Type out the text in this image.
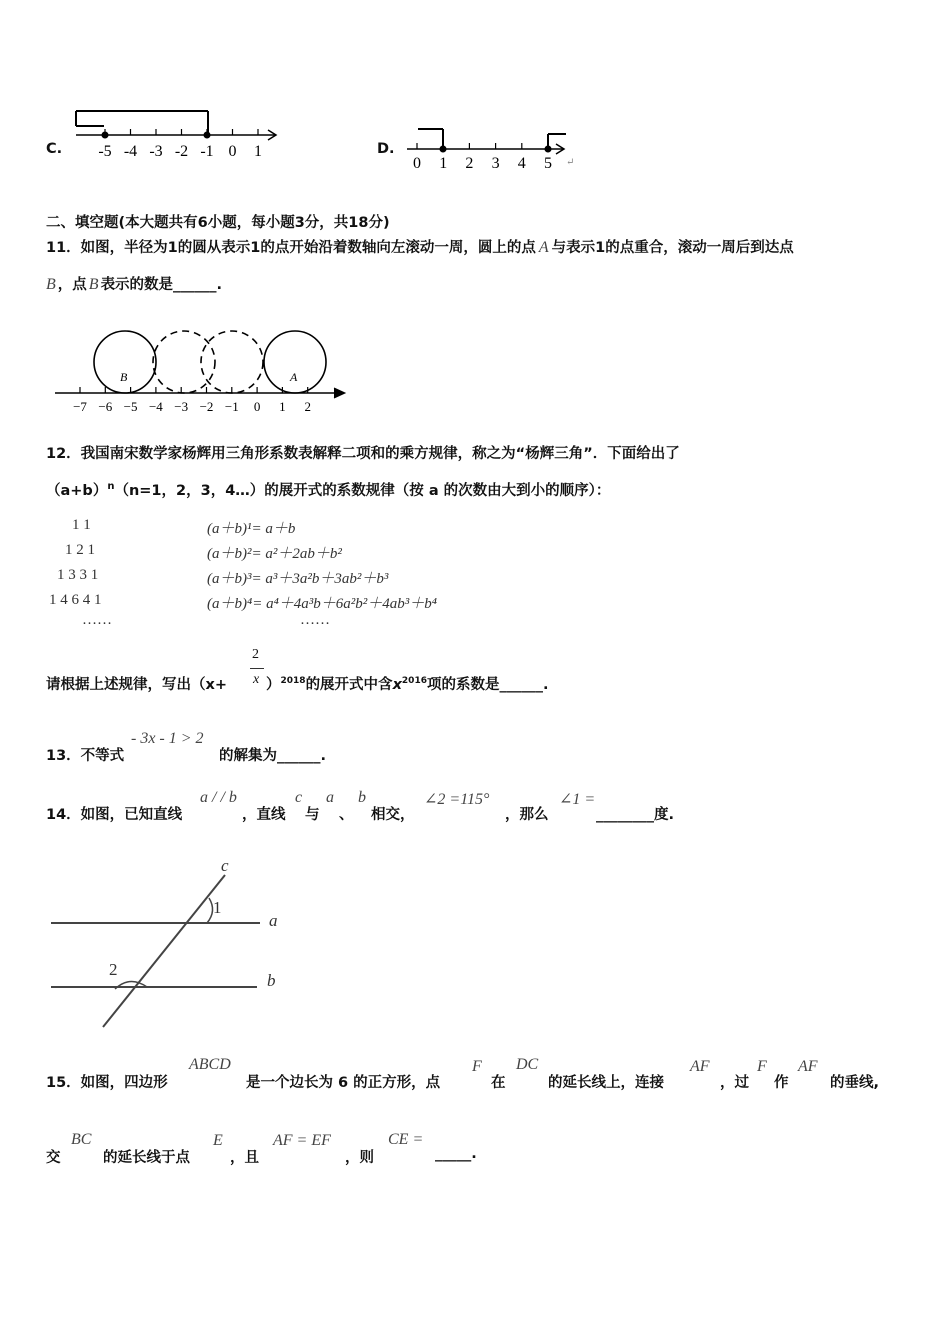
C. -5 -4 -3 -2 -1 0 1	D.
0 1 2 3 4 5 ↵
二、填空题(本大题共有6小题，每小题3分，共18分)
11．如图，半径为1的圆从表示1的点开始沿着数轴向左滚动一周，圆上的点 A 与表示1的点重合，滚动一周后到达点
B ，点 B 表示的数是______.
−7 −6 −5 −4 −3 −2 −1 0 1 2
B	A
12．我国南宋数学家杨辉用三角形系数表解释二项和的乘方规律，称之为“杨辉三角”．下面给出了
$(a+b)^n(n=1$，2，3，4…）的展开式的系数规律（按 a 的次数由大到小的顺序）：
1 1
1 2 1
1 3 3 1
1 4 6 4 1
……
(a＋b)¹= a＋b
(a＋b)²= a²＋2ab＋b²
(a＋b)³= a³＋3a²b＋3ab²＋b³
(a＋b)⁴= a⁴＋4a³b＋6a²b²＋4ab³＋b⁴
……
2
x
请根据上述规律，写出（x+	）$^{2018}$的展开式中含$x^{2016}$项的系数是______.
13．不等式
- 3x - 1 > 2
的解集为______.
14．如图，已知直线
a / / b
，直线
c
与
a
、
b
相交，
∠2 =115°
，那么
∠1 =
________度.
c
1
a
2
b
15．如图，四边形
ABCD
是一个边长为 6 的正方形，点
F
在
DC
的延长线上，连接
AF
，过
F
作
AF
的垂线,
交
BC
的延长线于点
E
，且
AF = EF
，则
CE =
_____.
